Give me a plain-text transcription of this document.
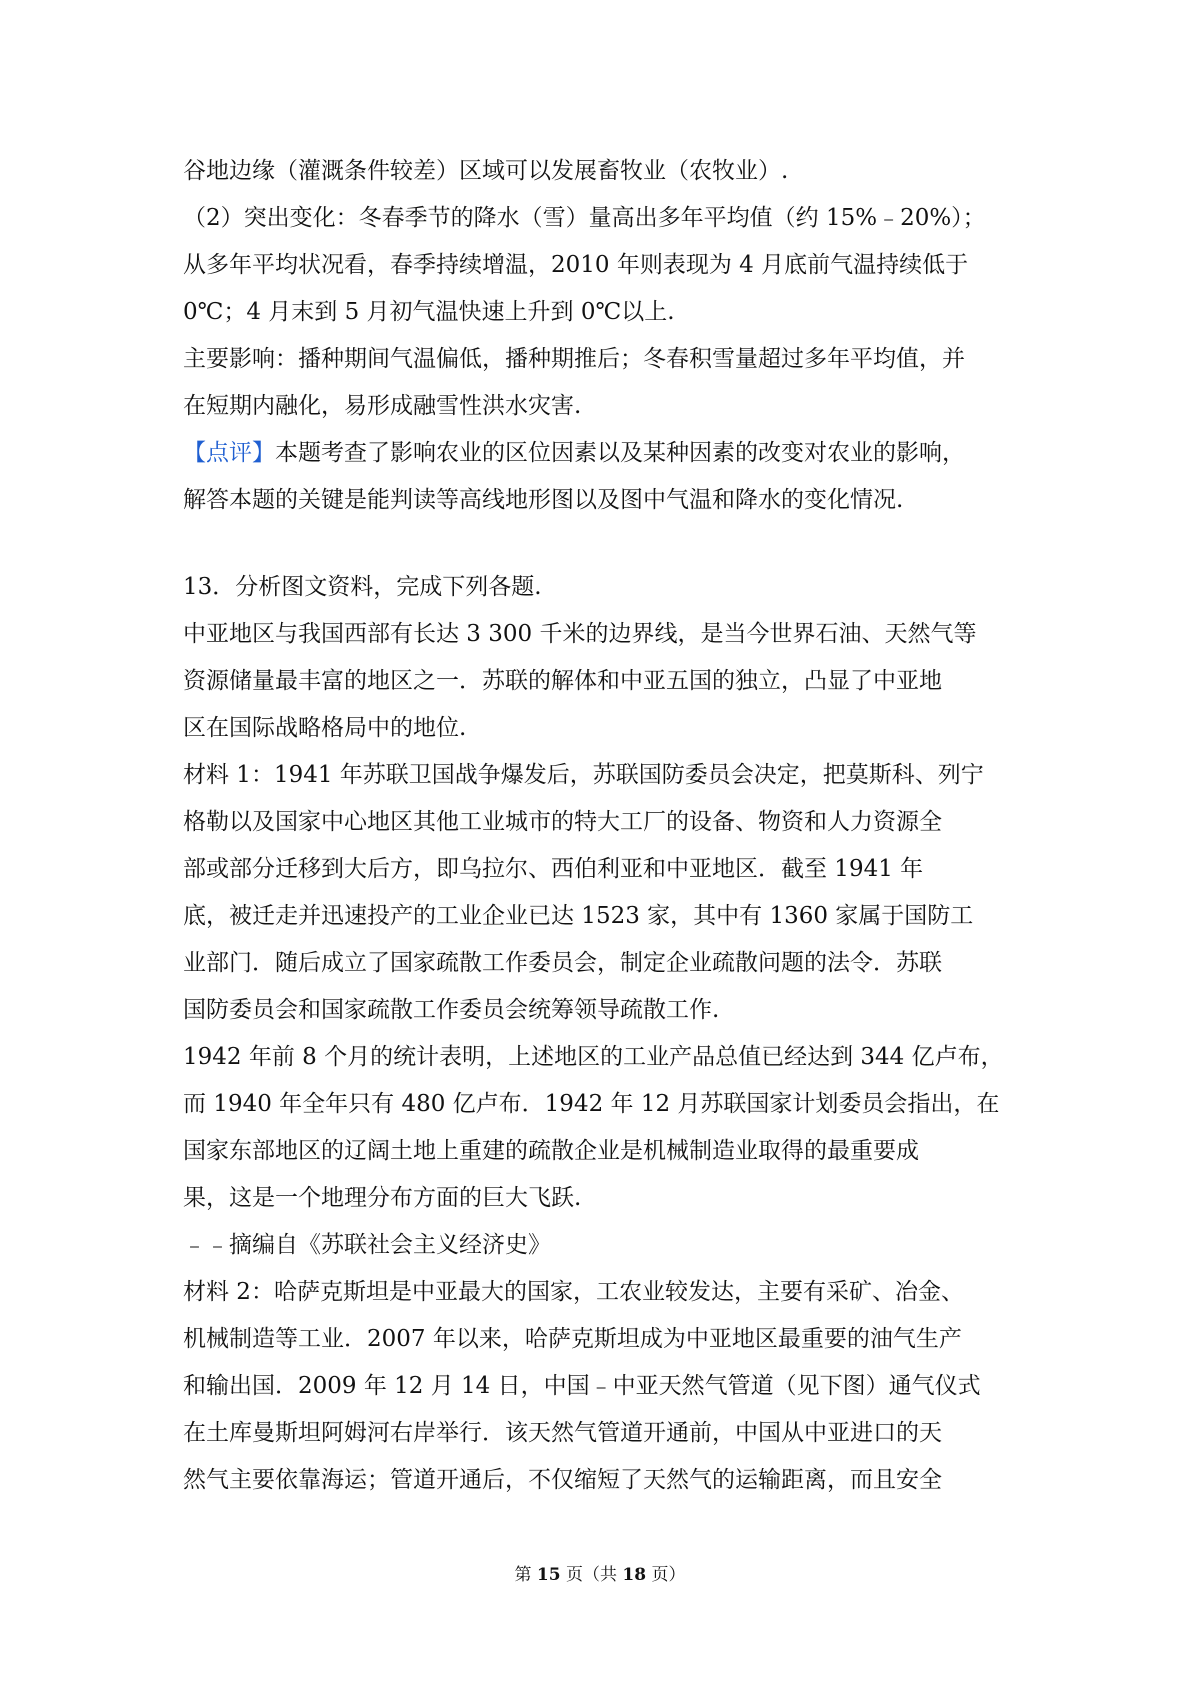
谷地边缘（灌溉条件较差）区域可以发展畜牧业（农牧业）.

（2）突出变化：冬春季节的降水（雪）量高出多年平均值（约 15%﹣20%）；
从多年平均状况看，春季持续增温，2010 年则表现为 4 月底前气温持续低于
0℃；4 月末到 5 月初气温快速上升到 0℃以上.

主要影响：播种期间气温偏低，播种期推后；冬春积雪量超过多年平均值，并
在短期内融化，易形成融雪性洪水灾害.

【点评】本题考查了影响农业的区位因素以及某种因素的改变对农业的影响，
解答本题的关键是能判读等高线地形图以及图中气温和降水的变化情况.

13．分析图文资料，完成下列各题.

中亚地区与我国西部有长达 3 300 千米的边界线，是当今世界石油、天然气等
资源储量最丰富的地区之一．苏联的解体和中亚五国的独立，凸显了中亚地
区在国际战略格局中的地位.

材料 1：1941 年苏联卫国战争爆发后，苏联国防委员会决定，把莫斯科、列宁
格勒以及国家中心地区其他工业城市的特大工厂的设备、物资和人力资源全
部或部分迁移到大后方，即乌拉尔、西伯利亚和中亚地区．截至 1941 年
底，被迁走并迅速投产的工业企业已达 1523 家，其中有 1360 家属于国防工
业部门．随后成立了国家疏散工作委员会，制定企业疏散问题的法令．苏联
国防委员会和国家疏散工作委员会统筹领导疏散工作.

1942 年前 8 个月的统计表明，上述地区的工业产品总值已经达到 344 亿卢布，
而 1940 年全年只有 480 亿卢布．1942 年 12 月苏联国家计划委员会指出，在
国家东部地区的辽阔土地上重建的疏散企业是机械制造业取得的最重要成
果，这是一个地理分布方面的巨大飞跃.

﹣﹣摘编自《苏联社会主义经济史》

材料 2：哈萨克斯坦是中亚最大的国家，工农业较发达，主要有采矿、冶金、
机械制造等工业．2007 年以来，哈萨克斯坦成为中亚地区最重要的油气生产
和输出国．2009 年 12 月 14 日，中国﹣中亚天然气管道（见下图）通气仪式
在土库曼斯坦阿姆河右岸举行．该天然气管道开通前，中国从中亚进口的天
然气主要依靠海运；管道开通后，不仅缩短了天然气的运输距离，而且安全

第 15 页（共 18 页）
